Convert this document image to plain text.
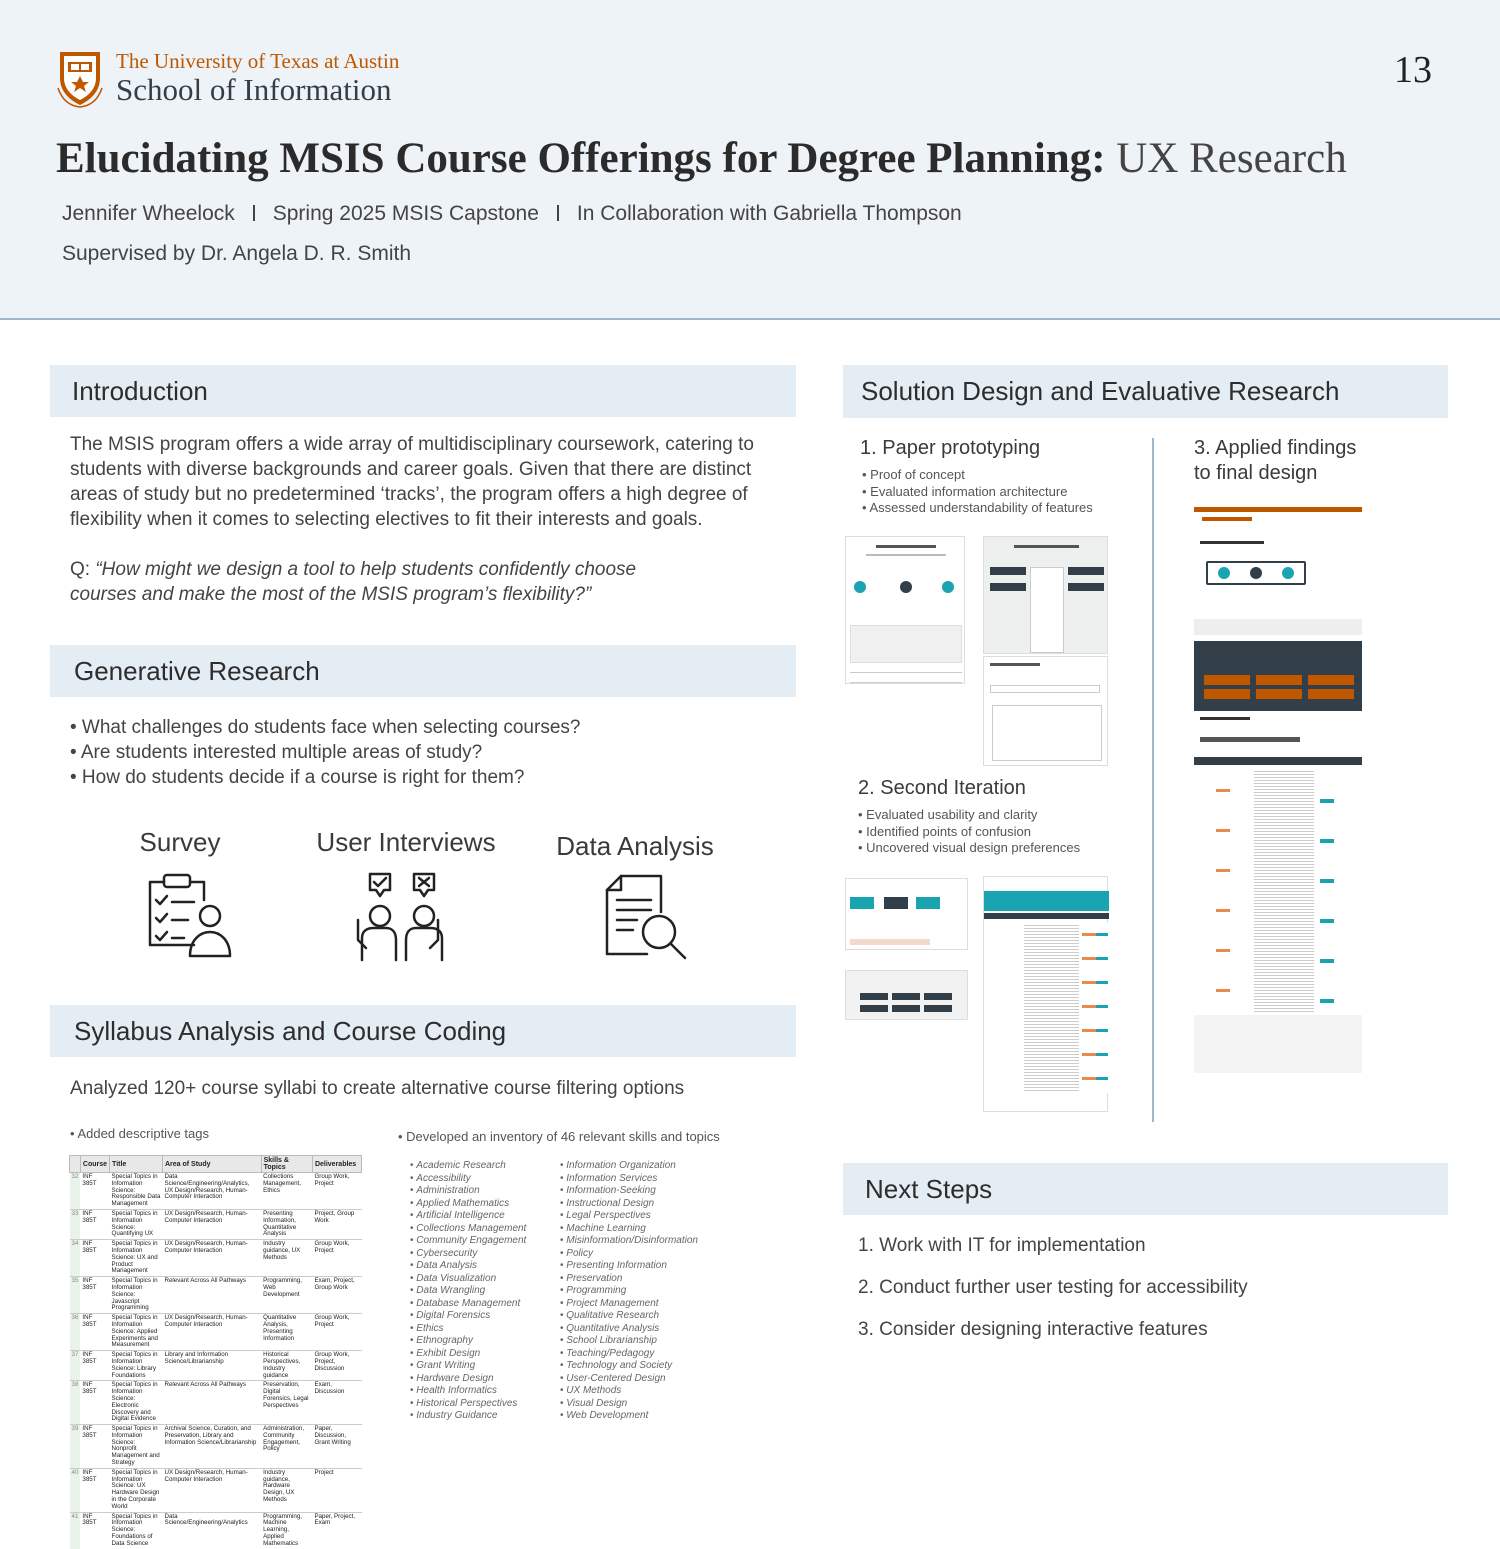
The University of Texas at Austin
School of Information	13
Elucidating MSIS Course Offerings for Degree Planning: UX Research
Jennifer Wheelock Spring 2025 MSIS Capstone In Collaboration with Gabriella Thompson
Supervised by Dr. Angela D. R. Smith
Introduction
The MSIS program offers a wide array of multidisciplinary coursework, catering to students with diverse backgrounds and career goals. Given that there are distinct areas of study but no predetermined ‘tracks’, the program offers a high degree of flexibility when it comes to selecting electives to fit their interests and goals.
Q: “How might we design a tool to help students confidently choose
courses and make the most of the MSIS program’s flexibility?”
Generative Research
• What challenges do students face when selecting courses?
• Are students interested multiple areas of study?
• How do students decide if a course is right for them?
Survey	User Interviews	Data Analysis
Syllabus Analysis and Course Coding
Analyzed 120+ course syllabi to create alternative course filtering options
• Added descriptive tags	• Developed an inventory of 46 relevant skills and topics
	Course	Title	Area of Study	Skills & Topics	Deliverables
32	INF 385T	Special Topics in Information Science: Responsible Data Management	Data Science/Engineering/Analytics, UX Design/Research, Human-Computer Interaction	Collections Management, Ethics	Group Work, Project
33	INF 385T	Special Topics in Information Science: Quantifying UX	UX Design/Research, Human-Computer Interaction	Presenting Information, Quantitative Analysis	Project, Group Work
34	INF 385T	Special Topics in Information Science: UX and Product Management	UX Design/Research, Human-Computer Interaction	Industry guidance, UX Methods	Group Work, Project
35	INF 385T	Special Topics in Information Science: Javascript Programming	Relevant Across All Pathways	Programming, Web Development	Exam, Project, Group Work
36	INF 385T	Special Topics in Information Science: Applied Experiments and Measurement	UX Design/Research, Human-Computer Interaction	Quantitative Analysis, Presenting Information	Group Work, Project
37	INF 385T	Special Topics in Information Science: Library Foundations	Library and Information Science/Librarianship	Historical Perspectives, Industry guidance	Group Work, Project, Discussion
38	INF 385T	Special Topics in Information Science: Electronic Discovery and Digital Evidence	Relevant Across All Pathways	Preservation, Digital Forensics, Legal Perspectives	Exam, Discussion
39	INF 385T	Special Topics in Information Science: Nonprofit Management and Strategy	Archival Science, Curation, and Preservation, Library and Information Science/Librarianship	Administration, Community Engagement, Policy	Paper, Discussion, Grant Writing
40	INF 385T	Special Topics in Information Science: UX Hardware Design in the Corporate World	UX Design/Research, Human-Computer Interaction	Industry guidance, Hardware Design, UX Methods	Project
41	INF 385T	Special Topics in Information Science: Foundations of Data Science	Data Science/Engineering/Analytics	Programming, Machine Learning, Applied Mathematics	Paper, Project, Exam
• Academic Research
• Accessibility
• Administration
• Applied Mathematics
• Artificial Intelligence
• Collections Management
• Community Engagement
• Cybersecurity
• Data Analysis
• Data Visualization
• Data Wrangling
• Database Management
• Digital Forensics
• Ethics
• Ethnography
• Exhibit Design
• Grant Writing
• Hardware Design
• Health Informatics
• Historical Perspectives
• Industry Guidance
• Information Organization
• Information Services
• Information-Seeking
• Instructional Design
• Legal Perspectives
• Machine Learning
• Misinformation/Disinformation
• Policy
• Presenting Information
• Preservation
• Programming
• Project Management
• Qualitative Research
• Quantitative Analysis
• School Librarianship
• Teaching/Pedagogy
• Technology and Society
• User-Centered Design
• UX Methods
• Visual Design
• Web Development
Solution Design and Evaluative Research
1. Paper prototyping
• Proof of concept
• Evaluated information architecture
• Assessed understandability of features
2. Second Iteration
• Evaluated usability and clarity
• Identified points of confusion
• Uncovered visual design preferences
3. Applied findings
to final design
Next Steps
1. Work with IT for implementation
2. Conduct further user testing for accessibility
3. Consider designing interactive features
